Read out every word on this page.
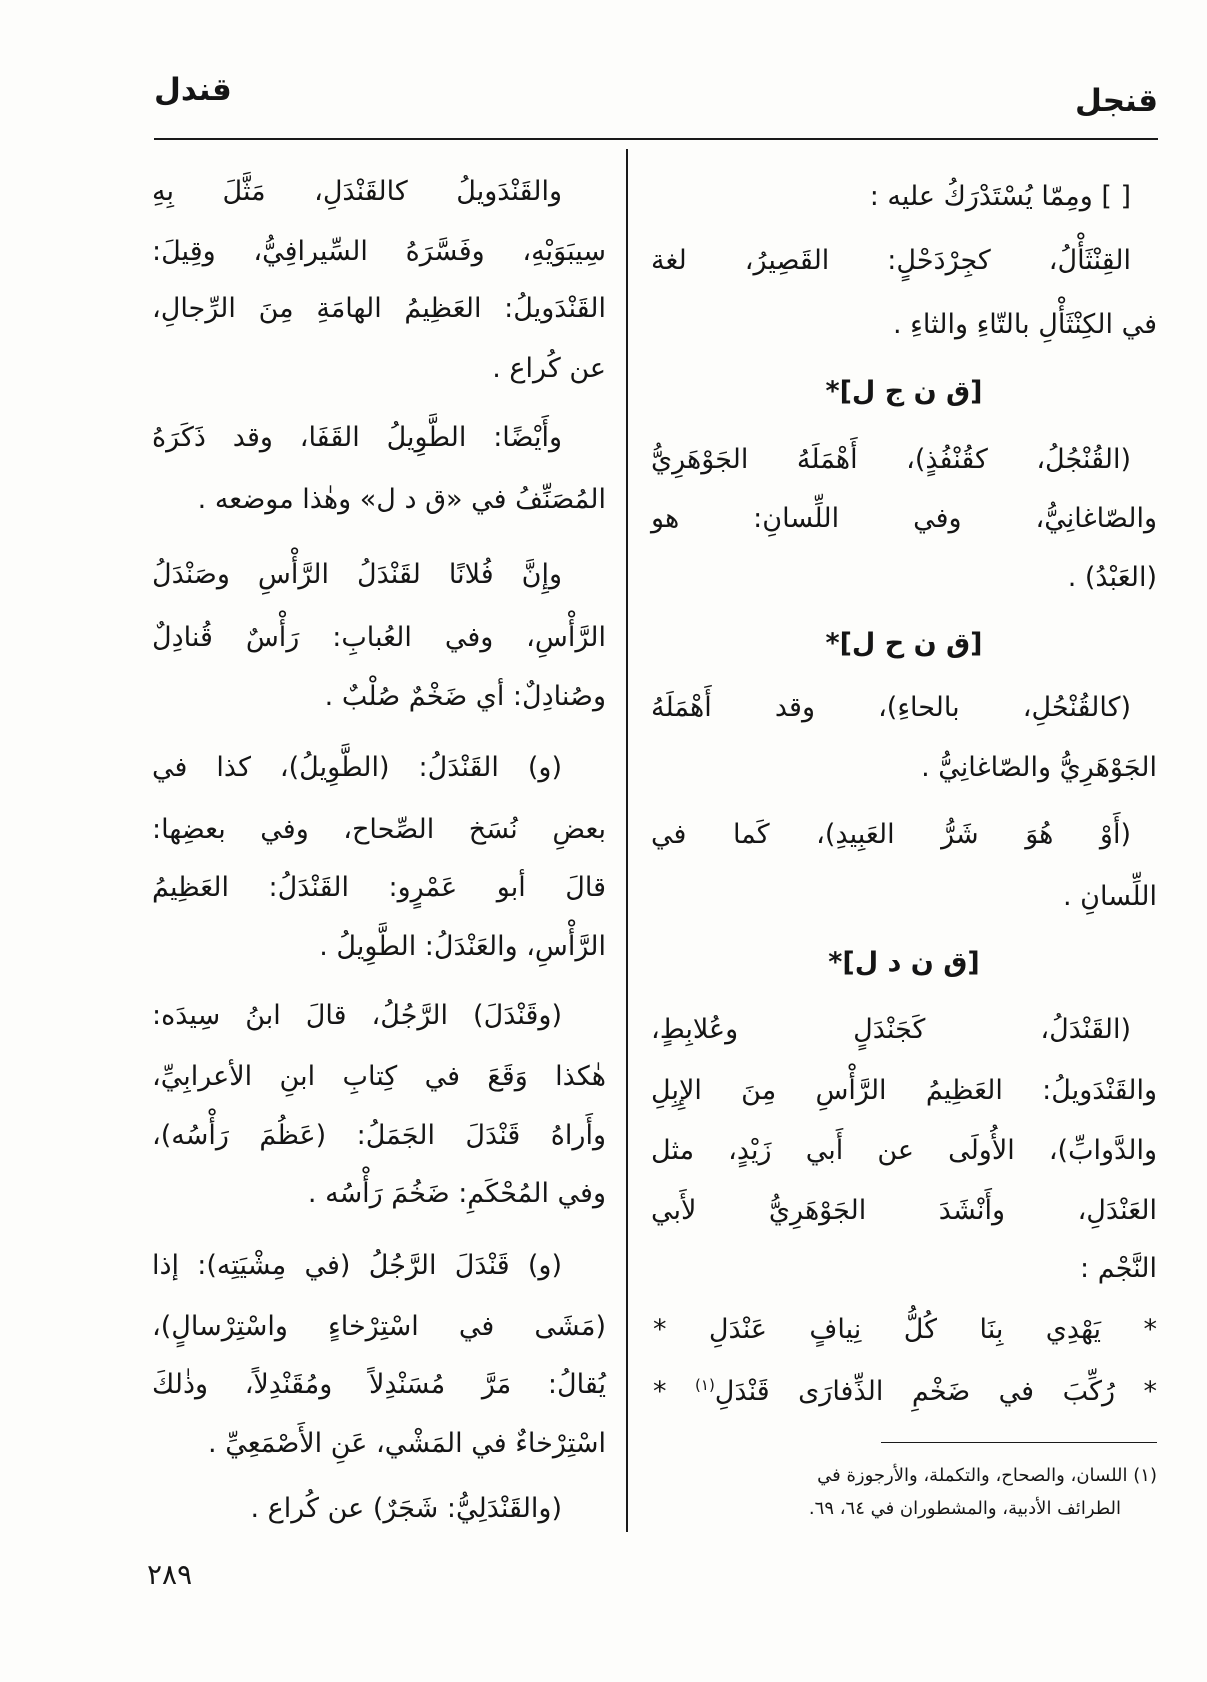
قنجل
قندل
[ ] ومِمّا يُسْتَدْرَكُ عليه :
القِنْثَأْلُ، كجِرْدَحْلٍ: القَصِيرُ، لغة
في الكِنْثَأْلِ بالتّاءِ والثاءِ .
[ق ن ج ل]*
(القُنْجُلُ، كقُنْفُذٍ)، أَهْمَلَهُ الجَوْهَرِيُّ
والصّاغانِيُّ، وفي اللِّسانِ: هو
(العَبْدُ) .
[ق ن ح ل]*
(كالقُنْحُلِ، بالحاءِ)، وقد أَهْمَلَهُ
الجَوْهَرِيُّ والصّاغانِيُّ .
(أَوْ هُوَ شَرُّ العَبِيدِ)، كَما في
اللِّسانِ .
[ق ن د ل]*
(القَنْدَلُ، كَجَنْدَلٍ وعُلابِطٍ،
والقَنْدَويلُ: العَظِيمُ الرَّأْسِ مِنَ الإِبِلِ
والدَّوابِّ)، الأُولَى عن أَبي زَيْدٍ، مثل
العَنْدَلِ، وأَنْشَدَ الجَوْهَرِيُّ لأَبي
النَّجْم :
* يَهْدِي بِنَا كُلُّ نِيافٍ عَنْدَلِ *
* رُكِّبَ في ضَخْمِ الذِّفارَى قَنْدَلِ$^{(١)}$ *
(١) اللسان، والصحاح، والتكملة، والأرجوزة في
الطرائف الأدبية، والمشطوران في ٦٤، ٦٩.
والقَنْدَويلُ كالقَنْدَلِ، مَثَّلَ بِهِ
سِيبَوَيْهِ، وفَسَّرَهُ السِّيرافِيُّ، وقِيلَ:
القَنْدَويلُ: العَظِيمُ الهامَةِ مِنَ الرِّجالِ،
عن كُراع .
وأَيْضًا: الطَّوِيلُ القَفَا، وقد ذَكَرَهُ
المُصَنِّفُ في «ق د ل» وهٰذا موضعه .
وإِنَّ فُلانًا لقَنْدَلُ الرَّأْسِ وصَنْدَلُ
الرَّأْسِ، وفي العُبابِ: رَأْسٌ قُنادِلٌ
وصُنادِلٌ: أي ضَخْمٌ صُلْبٌ .
(و) القَنْدَلُ: (الطَّوِيلُ)، كذا في
بعضِ نُسَخ الصِّحاح، وفي بعضِها:
قالَ أبو عَمْرٍو: القَنْدَلُ: العَظِيمُ
الرَّأْسِ، والعَنْدَلُ: الطَّوِيلُ .
(وقَنْدَلَ) الرَّجُلُ، قالَ ابنُ سِيدَه:
هٰكذا وَقَعَ في كِتابِ ابنِ الأعرابِيِّ،
وأَراهُ قَنْدَلَ الجَمَلُ: (عَظُمَ رَأْسُه)،
وفي المُحْكَمِ: ضَخُمَ رَأْسُه .
(و) قَنْدَلَ الرَّجُلُ (في مِشْيَتِه): إذا
(مَشَى في اسْتِرْخاءٍ واسْتِرْسالٍ)،
يُقالُ: مَرَّ مُسَنْدِلاً ومُقَنْدِلاً، وذٰلكَ
اسْتِرْخاءٌ في المَشْي، عَنِ الأَصْمَعِيِّ .
(والقَنْدَلِيُّ: شَجَرٌ) عن كُراع .
٢٨٩
